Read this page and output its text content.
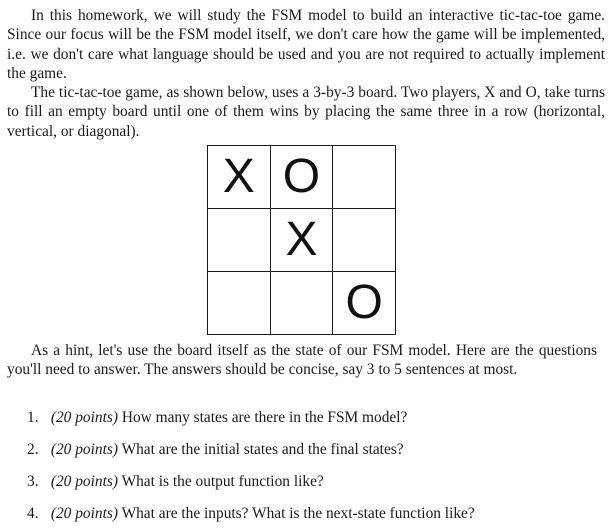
In this homework, we will study the FSM model to build an interactive tic-tac-toe game. Since our focus will be the FSM model itself, we don't care how the game will be implemented, i.e. we don't care what language should be used and you are not required to actually implement the game.

The tic-tac-toe game, as shown below, uses a 3-by-3 board. Two players, X and O, take turns to fill an empty board until one of them wins by placing the same three in a row (horizontal, vertical, or diagonal).

X	O	
	X	
		O

As a hint, let's use the board itself as the state of our FSM model. Here are the questions you'll need to answer. The answers should be concise, say 3 to 5 sentences at most.

1. (20 points) How many states are there in the FSM model?
2. (20 points) What are the initial states and the final states?
3. (20 points) What is the output function like?
4. (20 points) What are the inputs? What is the next-state function like?
